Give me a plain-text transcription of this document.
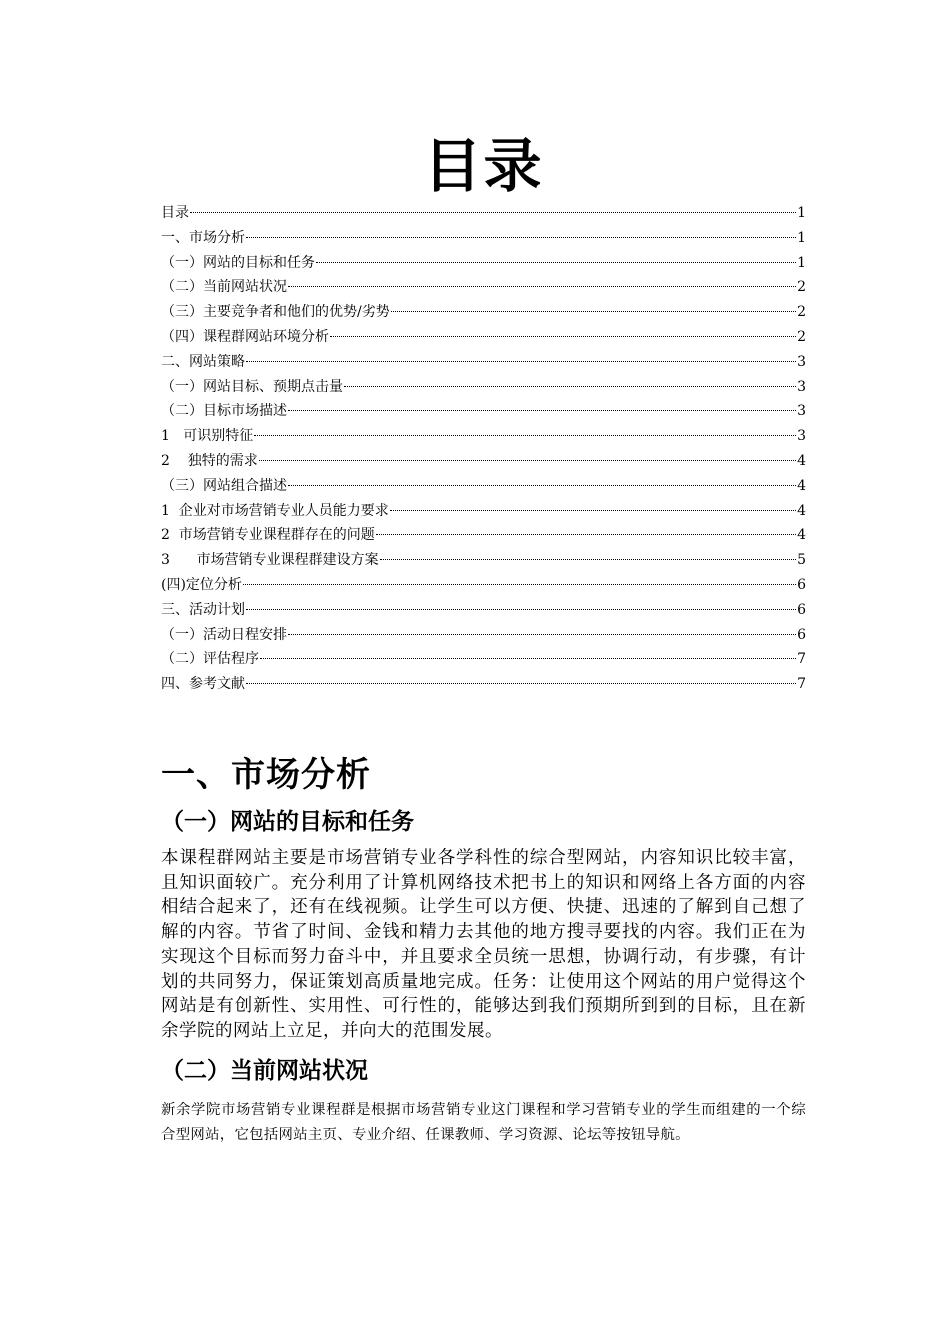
目录
目录	1
一、市场分析	1
（一）网站的目标和任务	1
（二）当前网站状况	2
（三）主要竞争者和他们的优势/劣势	2
（四）课程群网站环境分析	2
二、网站策略	3
（一）网站目标、预期点击量	3
（二）目标市场描述	3
1   可识别特征	3
2    独特的需求	4
（三）网站组合描述	4
1  企业对市场营销专业人员能力要求	4
2  市场营销专业课程群存在的问题	4
3      市场营销专业课程群建设方案	5
(四)定位分析	6
三、活动计划	6
（一）活动日程安排	6
（二）评估程序	7
四、参考文献	7
一、市场分析
（一）网站的目标和任务

本课程群网站主要是市场营销专业各学科性的综合型网站，内容知识比较丰富，且知识面较广。充分利用了计算机网络技术把书上的知识和网络上各方面的内容相结合起来了，还有在线视频。让学生可以方便、快捷、迅速的了解到自己想了解的内容。节省了时间、金钱和精力去其他的地方搜寻要找的内容。我们正在为实现这个目标而努力奋斗中，并且要求全员统一思想，协调行动，有步骤，有计划的共同努力，保证策划高质量地完成。任务：让使用这个网站的用户觉得这个网站是有创新性、实用性、可行性的，能够达到我们预期所到到的目标，且在新余学院的网站上立足，并向大的范围发展。

（二）当前网站状况

新余学院市场营销专业课程群是根据市场营销专业这门课程和学习营销专业的学生而组建的一个综合型网站，它包括网站主页、专业介绍、任课教师、学习资源、论坛等按钮导航。
